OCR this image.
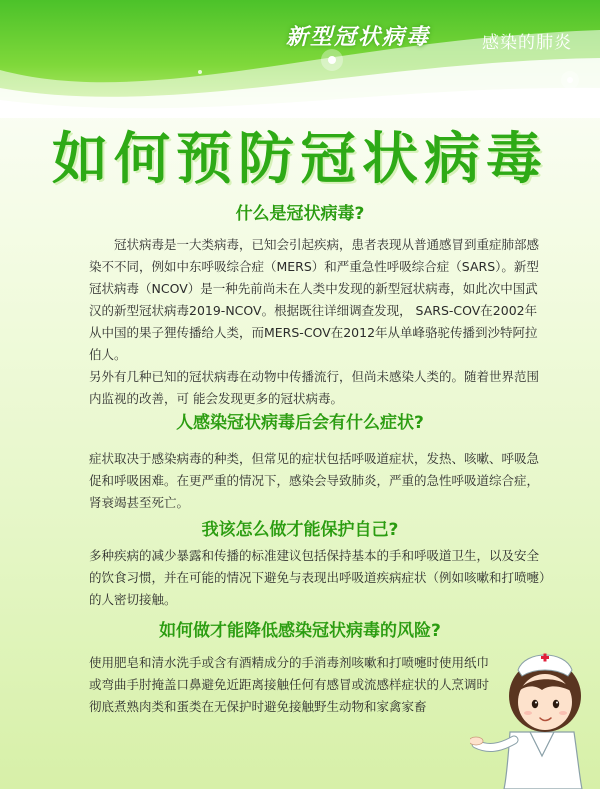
新型冠状病毒	感染的肺炎
如何预防冠状病毒
什么是冠状病毒?

冠状病毒是一大类病毒，已知会引起疾病，患者表现从普通感冒到重症肺部感染不不同，例如中东呼吸综合症（MERS）和严重急性呼吸综合症（SARS）。新型冠状病毒（NCOV）是一种先前尚未在人类中发现的新型冠状病毒，如此次中国武汉的新型冠状病毒2019-NCOV。根据既往详细调查发现， SARS-COV在2002年从中国的果子狸传播给人类，而MERS-COV在2012年从单峰骆驼传播到沙特阿拉伯人。

另外有几种已知的冠状病毒在动物中传播流行，但尚未感染人类的。随着世界范围内监视的改善，可 能会发现更多的冠状病毒。

人感染冠状病毒后会有什么症状?

症状取决于感染病毒的种类，但常见的症状包括呼吸道症状，发热、咳嗽、呼吸急促和呼吸困难。在更严重的情况下，感染会导致肺炎，严重的急性呼吸道综合症，肾衰竭甚至死亡。

我该怎么做才能保护自己?

多种疾病的减少暴露和传播的标准建议包括保持基本的手和呼吸道卫生，以及安全的饮食习惯，并在可能的情况下避免与表现出呼吸道疾病症状（例如咳嗽和打喷嚏）的人密切接触。

如何做才能降低感染冠状病毒的风险?

使用肥皂和清水洗手或含有酒精成分的手消毒剂咳嗽和打喷嚏时使用纸巾或弯曲手肘掩盖口鼻避免近距离接触任何有感冒或流感样症状的人烹调时彻底煮熟肉类和蛋类在无保护时避免接触野生动物和家禽家畜
